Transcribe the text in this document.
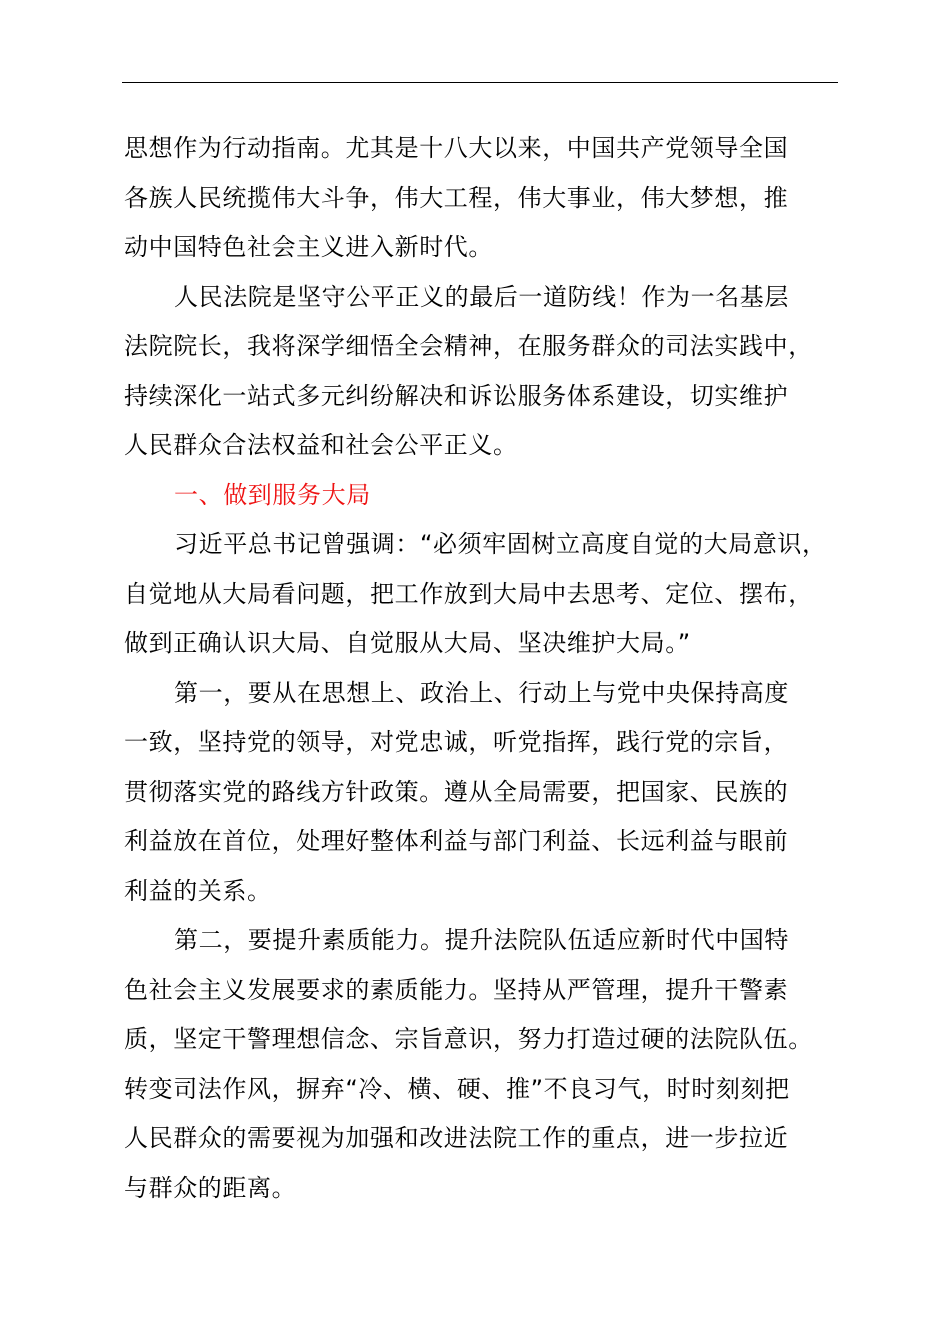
思想作为行动指南。尤其是十八大以来，中国共产党领导全国
各族人民统揽伟大斗争，伟大工程，伟大事业，伟大梦想，推
动中国特色社会主义进入新时代。
人民法院是坚守公平正义的最后一道防线！作为一名基层
法院院长，我将深学细悟全会精神，在服务群众的司法实践中，
持续深化一站式多元纠纷解决和诉讼服务体系建设，切实维护
人民群众合法权益和社会公平正义。
一、做到服务大局
习近平总书记曾强调：“必须牢固树立高度自觉的大局意识，
自觉地从大局看问题，把工作放到大局中去思考、定位、摆布，
做到正确认识大局、自觉服从大局、坚决维护大局。”
第一，要从在思想上、政治上、行动上与党中央保持高度
一致，坚持党的领导，对党忠诚，听党指挥，践行党的宗旨，
贯彻落实党的路线方针政策。遵从全局需要，把国家、民族的
利益放在首位，处理好整体利益与部门利益、长远利益与眼前
利益的关系。
第二，要提升素质能力。提升法院队伍适应新时代中国特
色社会主义发展要求的素质能力。坚持从严管理，提升干警素
质，坚定干警理想信念、宗旨意识，努力打造过硬的法院队伍。
转变司法作风，摒弃“冷、横、硬、推”不良习气，时时刻刻把
人民群众的需要视为加强和改进法院工作的重点，进一步拉近
与群众的距离。
